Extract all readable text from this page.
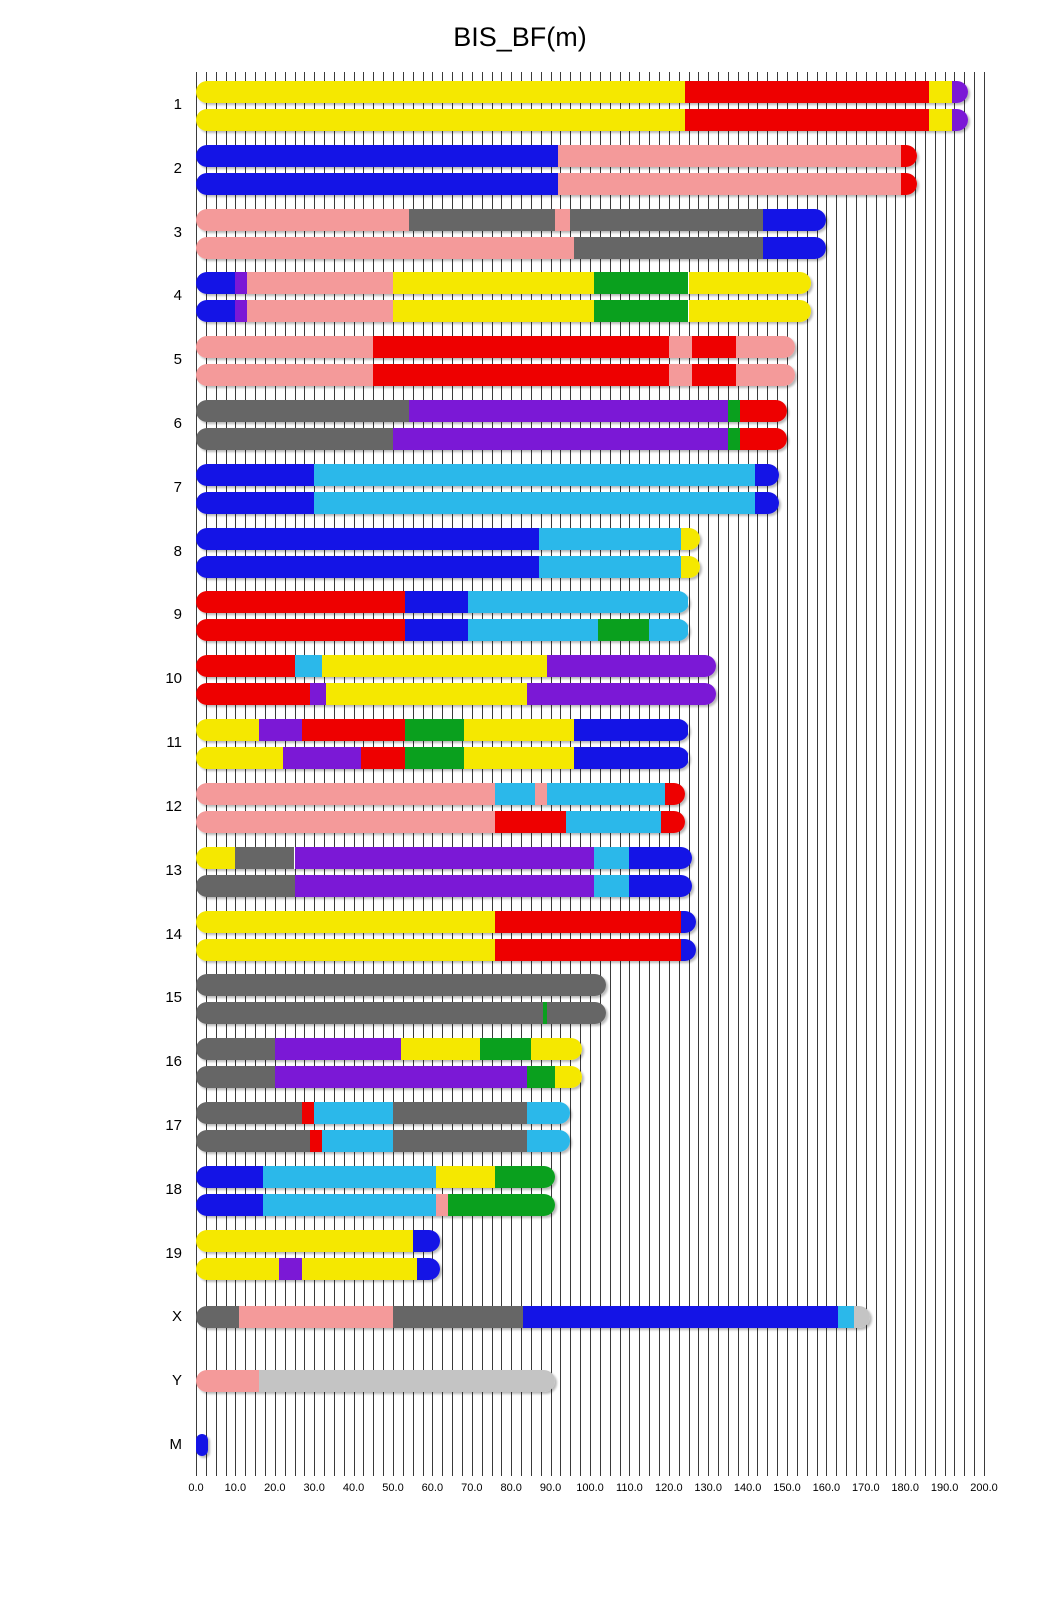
BIS_BF(m)
1
2
3
4
5
6
7
8
9
10
11
12
13
14
15
16
17
18
19
X
Y
M
0.0 10.0 20.0 30.0 40.0 50.0 60.0 70.0 80.0 90.0 100.0 110.0 120.0 130.0 140.0 150.0 160.0 170.0 180.0 190.0 200.0
